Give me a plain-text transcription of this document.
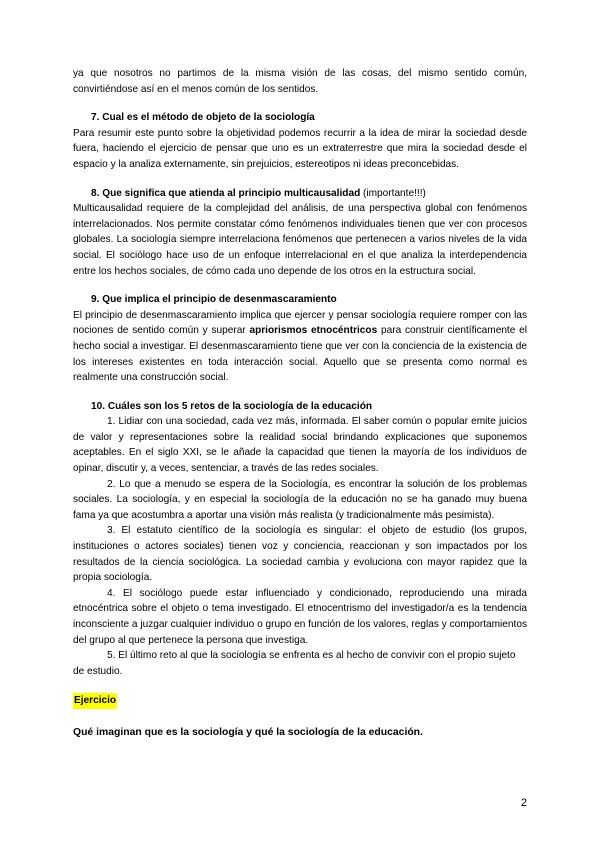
ya que nosotros no partimos de la misma visión de las cosas, del mismo sentido común, convirtiéndose así en el menos común de los sentidos.

7. Cual es el método de objeto de la sociología

Para resumir este punto sobre la objetividad podemos recurrir a la idea de mirar la sociedad desde fuera, haciendo el ejercicio de pensar que uno es un extraterrestre que mira la sociedad desde el espacio y la analiza externamente, sin prejuicios, estereotipos ni ideas preconcebidas.

8. Que significa que atienda al principio multicausalidad (importante!!!)

Multicausalidad requiere de la complejidad del análisis, de una perspectiva global con fenómenos interrelacionados. Nos permite constatar cómo fenómenos individuales tienen que ver con procesos globales. La sociología siempre interrelaciona fenómenos que pertenecen a varios niveles de la vida social. El sociólogo hace uso de un enfoque interrelacional en el que analiza la interdependencia entre los hechos sociales, de cómo cada uno depende de los otros en la estructura social.

9. Que implica el principio de desenmascaramiento

El principio de desenmascaramiento implica que ejercer y pensar sociología requiere romper con las nociones de sentido común y superar apriorismos etnocéntricos para construir científicamente el hecho social a investigar. El desenmascaramiento tiene que ver con la conciencia de la existencia de los intereses existentes en toda interacción social. Aquello que se presenta como normal es realmente una construcción social.

10. Cuáles son los 5 retos de la sociología de la educación

1. Lidiar con una sociedad, cada vez más, informada. El saber común o popular emite juicios de valor y representaciones sobre la realidad social brindando explicaciones que suponemos aceptables. En el siglo XXI, se le añade la capacidad que tienen la mayoría de los individuos de opinar, discutir y, a veces, sentenciar, a través de las redes sociales.

2. Lo que a menudo se espera de la Sociología, es encontrar la solución de los problemas sociales. La sociología, y en especial la sociología de la educación no se ha ganado muy buena fama ya que acostumbra a aportar una visión más realista (y tradicionalmente más pesimista).

3. El estatuto científico de la sociología es singular: el objeto de estudio (los grupos, instituciones o actores sociales) tienen voz y conciencia, reaccionan y son impactados por los resultados de la ciencia sociológica. La sociedad cambia y evoluciona con mayor rapidez que la propia sociología.

4. El sociólogo puede estar influenciado y condicionado, reproduciendo una mirada etnocéntrica sobre el objeto o tema investigado. El etnocentrismo del investigador/a es la tendencia inconsciente a juzgar cualquier individuo o grupo en función de los valores, reglas y comportamientos del grupo al que pertenece la persona que investiga.

5. El último reto al que la sociología se enfrenta es al hecho de convivir con el propio sujeto de estudio.

Ejercicio

Qué imaginan que es la sociología y qué la sociología de la educación.

2
